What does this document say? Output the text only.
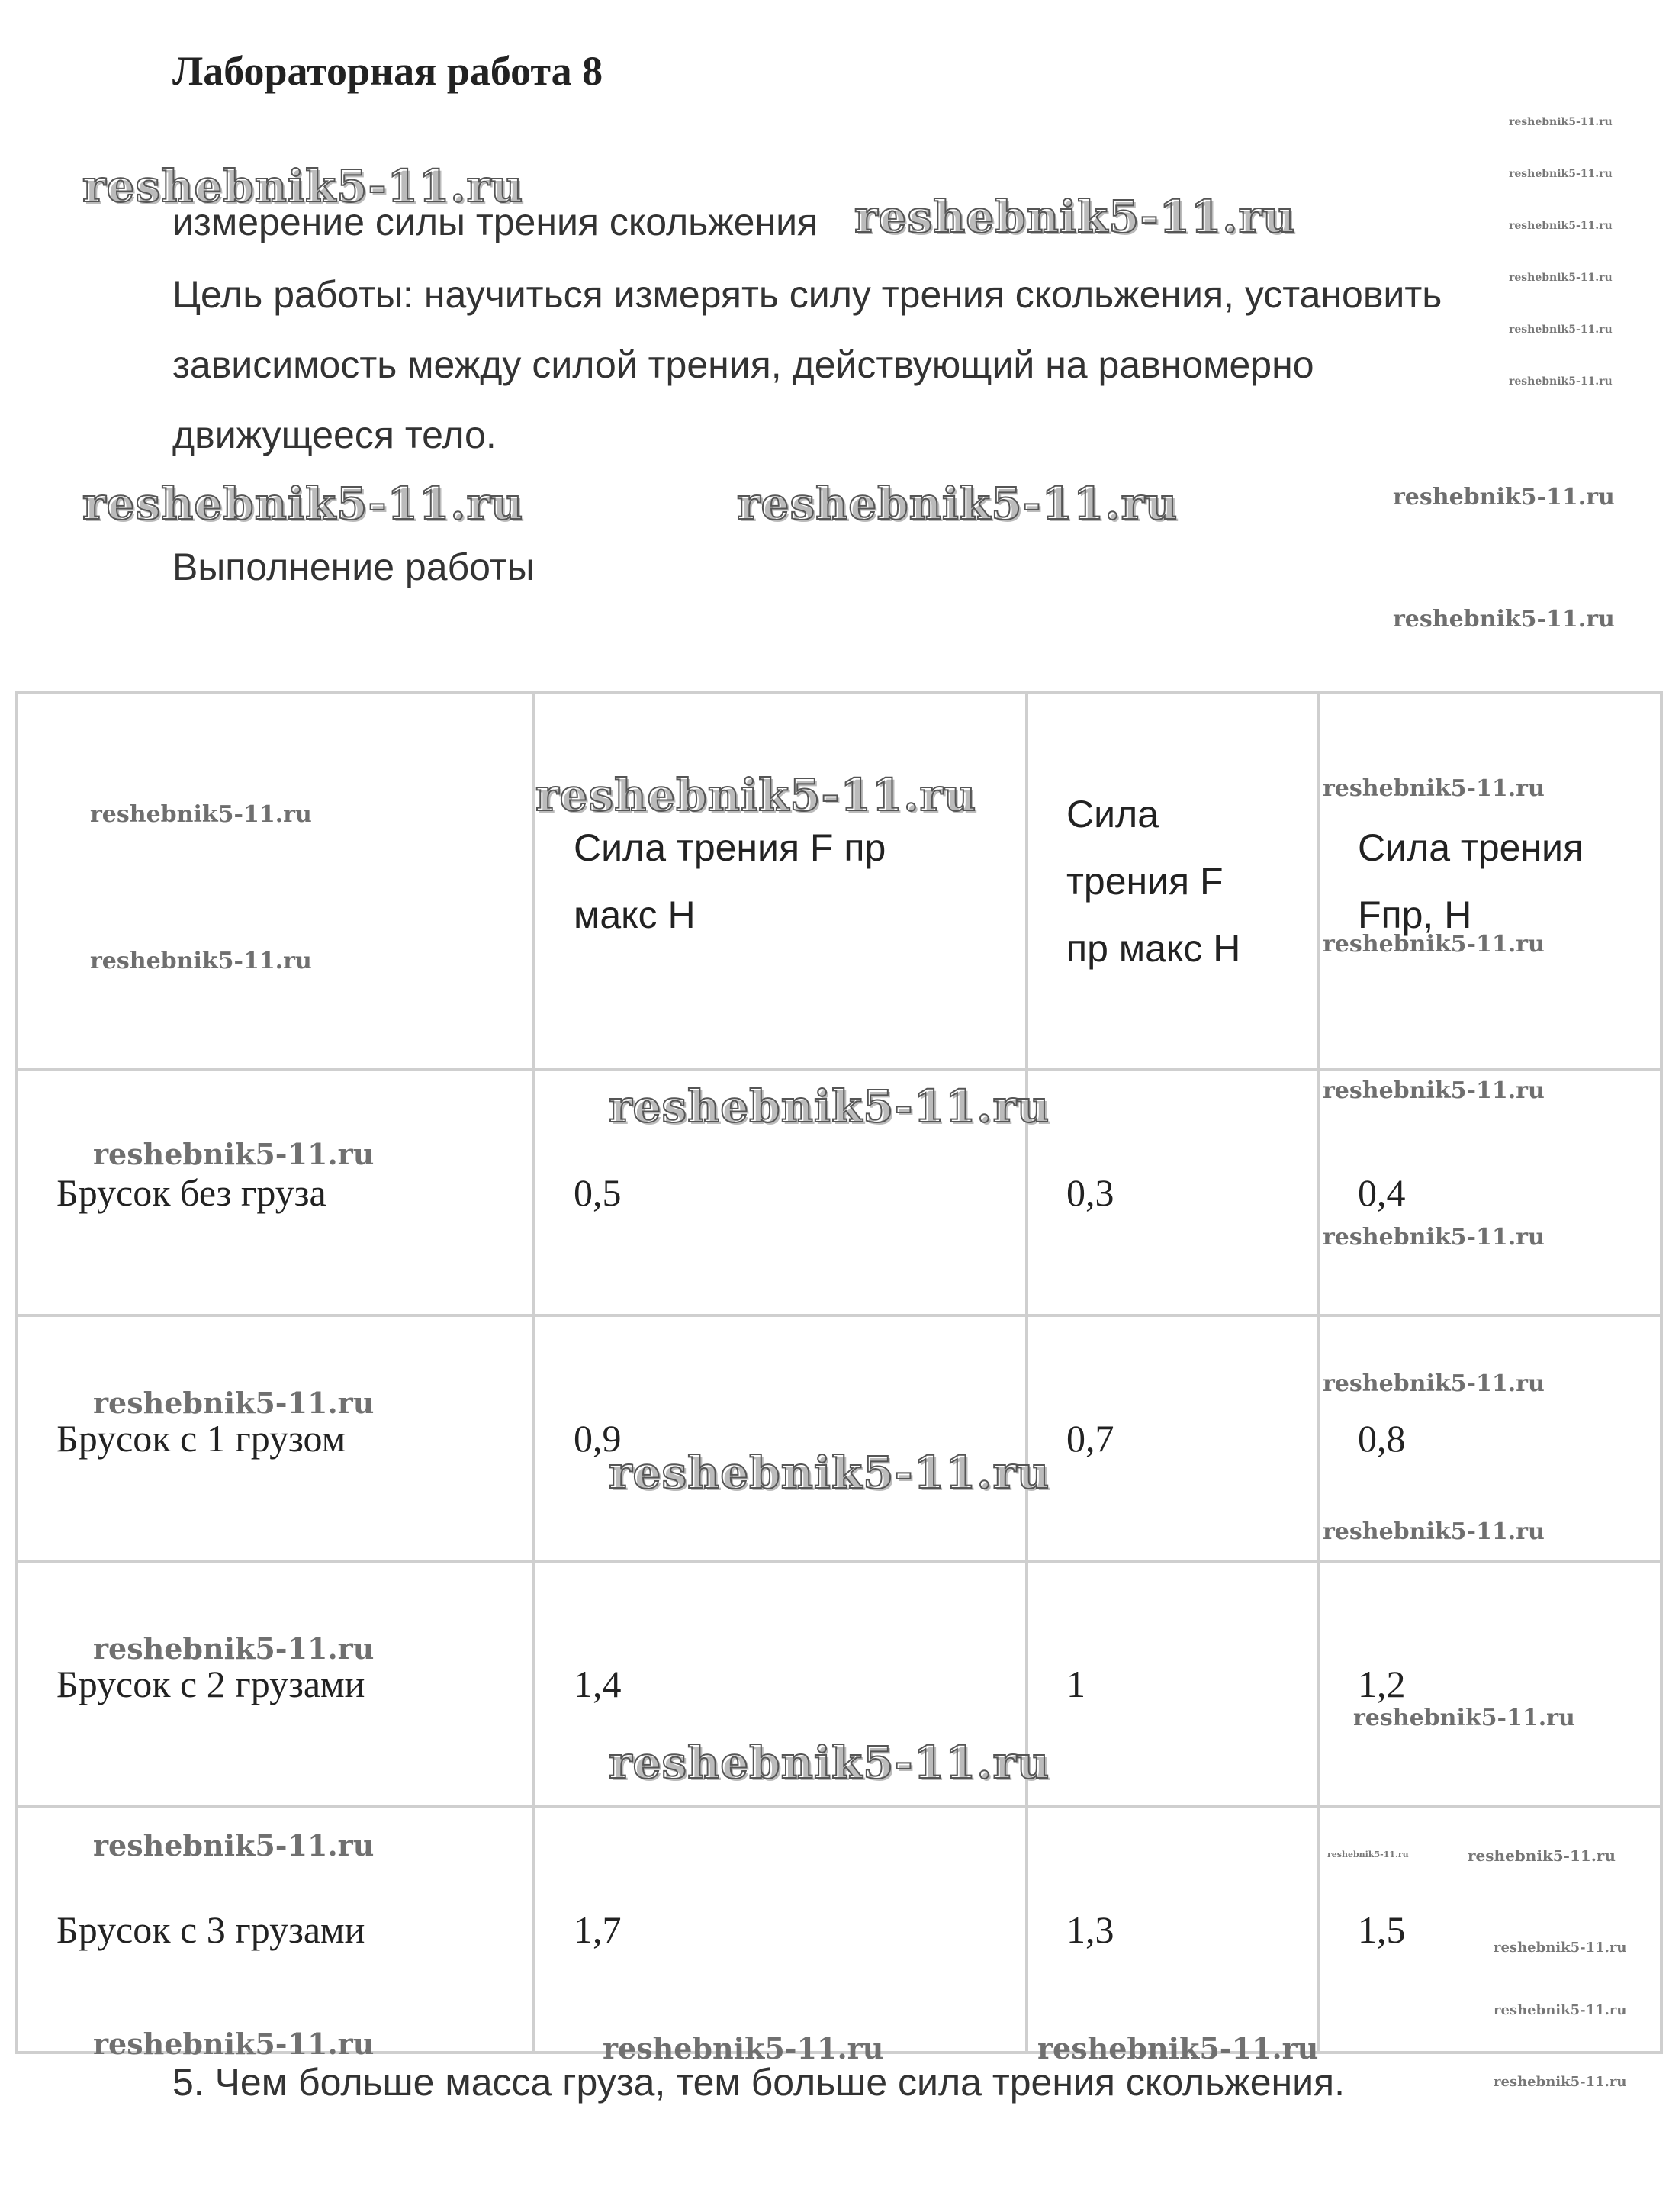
Лабораторная работа 8
измерение силы трения скольжения
Цель работы: научиться измерять силу трения скольжения, установить зависимость между силой трения, действующий на равномерно движущееся тело.
Выполнение работы

	Сила трения F пр макс Н	Сила трения F пр макс Н	Сила трения Fпр, Н

Брусок без груза	0,5	0,3	0,4
Брусок с 1 грузом	0,9	0,7	0,8
Брусок с 2 грузами	1,4	1	1,2
Брусок с 3 грузами	1,7	1,3	1,5
5. Чем больше масса груза, тем больше сила трения скольжения.
reshebnik5-11.ru
reshebnik5-11.ru
reshebnik5-11.ru	reshebnik5-11.ru
reshebnik5-11.ru
reshebnik5-11.ru
reshebnik5-11.ru
reshebnik5-11.ru
reshebnik5-11.ru
reshebnik5-11.ru
reshebnik5-11.ru
reshebnik5-11.ru
reshebnik5-11.ru
reshebnik5-11.ru
reshebnik5-11.ru
reshebnik5-11.ru
reshebnik5-11.ru
reshebnik5-11.ru
reshebnik5-11.ru
reshebnik5-11.ru
reshebnik5-11.ru
reshebnik5-11.ru
reshebnik5-11.ru
reshebnik5-11.ru	reshebnik5-11.ru	reshebnik5-11.ru
reshebnik5-11.ru
reshebnik5-11.ru
reshebnik5-11.ru
reshebnik5-11.ru
reshebnik5-11.ru
reshebnik5-11.ru
reshebnik5-11.ru	reshebnik5-11.ru
reshebnik5-11.ru
reshebnik5-11.ru
reshebnik5-11.ru
